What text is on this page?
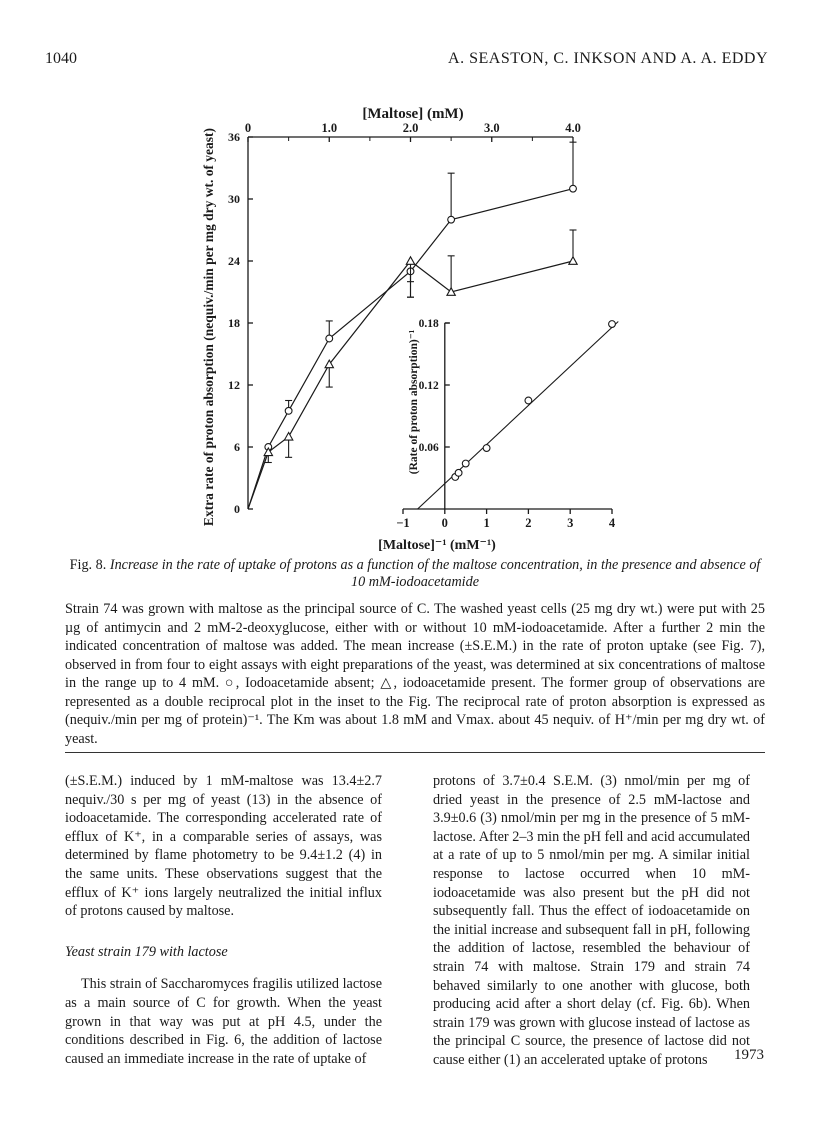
1040	A. SEASTON, C. INKSON AND A. A. EDDY
0	1.0	2.0	3.0	4.0
0
6
12
18
24
30
36
−1	0	1	2	3	4
0.06
0.12
0.18
[Maltose] (mM)
Extra rate of proton absorption (nequiv./min per mg dry wt. of yeast)
[Maltose]⁻¹ (mM⁻¹)
(Rate of proton absorption)⁻¹
Fig. 8. Increase in the rate of uptake of protons as a function of the maltose concentration, in the presence and absence of 10 mM-iodoacetamide
Strain 74 was grown with maltose as the principal source of C. The washed yeast cells (25 mg dry wt.) were put with 25 µg of antimycin and 2 mM-2-deoxyglucose, either with or without 10 mM-iodoacetamide. After a further 2 min the indicated concentration of maltose was added. The mean increase (±S.E.M.) in the rate of proton uptake (see Fig. 7), observed in from four to eight assays with eight preparations of the yeast, was determined at six concentrations of maltose in the range up to 4 mM. ○, Iodoacetamide absent; △, iodoacetamide present. The former group of observations are represented as a double reciprocal plot in the inset to the Fig. The reciprocal rate of proton absorption is expressed as (nequiv./min per mg of protein)⁻¹. The Km was about 1.8 mM and Vmax. about 45 nequiv. of H⁺/min per mg dry wt. of yeast.

(±S.E.M.) induced by 1 mM-maltose was 13.4±2.7 nequiv./30 s per mg of yeast (13) in the absence of iodoacetamide. The corresponding accelerated rate of efflux of K⁺, in a comparable series of assays, was determined by flame photometry to be 9.4±1.2 (4) in the same units. These observations suggest that the efflux of K⁺ ions largely neutralized the initial influx of protons caused by maltose.

Yeast strain 179 with lactose

This strain of Saccharomyces fragilis utilized lactose as a main source of C for growth. When the yeast grown in that way was put at pH 4.5, under the conditions described in Fig. 6, the addition of lactose caused an immediate increase in the rate of uptake of

protons of 3.7±0.4 S.E.M. (3) nmol/min per mg of dried yeast in the presence of 2.5 mM-lactose and 3.9±0.6 (3) nmol/min per mg in the presence of 5 mM-lactose. After 2–3 min the pH fell and acid accumulated at a rate of up to 5 nmol/min per mg. A similar initial response to lactose occurred when 10 mM-iodoacetamide was also present but the pH did not subsequently fall. Thus the effect of iodoacetamide on the initial increase and subsequent fall in pH, following the addition of lactose, resembled the behaviour of strain 74 with maltose. Strain 179 and strain 74 behaved similarly to one another with glucose, both producing acid after a short delay (cf. Fig. 6b). When strain 179 was grown with glucose instead of lactose as the principal C source, the presence of lactose did not cause either (1) an accelerated uptake of protons	1973
